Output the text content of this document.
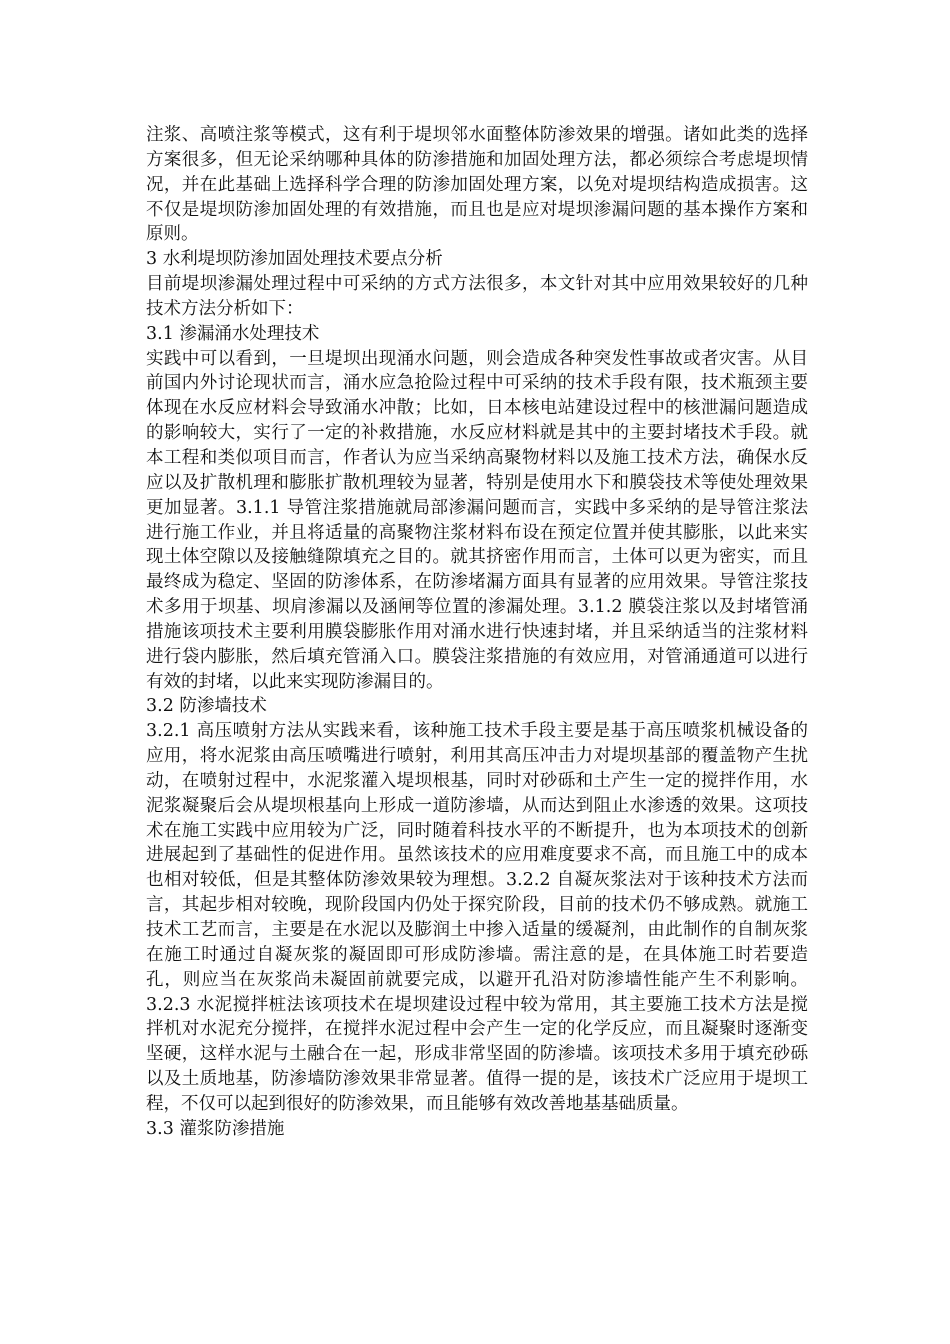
注浆、高喷注浆等模式，这有利于堤坝邻水面整体防渗效果的增强。诸如此类的选择方案很多，但无论采纳哪种具体的防渗措施和加固处理方法，都必须综合考虑堤坝情况，并在此基础上选择科学合理的防渗加固处理方案，以免对堤坝结构造成损害。这不仅是堤坝防渗加固处理的有效措施，而且也是应对堤坝渗漏问题的基本操作方案和原则。

3 水利堤坝防渗加固处理技术要点分析

目前堤坝渗漏处理过程中可采纳的方式方法很多，本文针对其中应用效果较好的几种技术方法分析如下：

3.1 渗漏涌水处理技术

实践中可以看到，一旦堤坝出现涌水问题，则会造成各种突发性事故或者灾害。从目前国内外讨论现状而言，涌水应急抢险过程中可采纳的技术手段有限，技术瓶颈主要体现在水反应材料会导致涌水冲散；比如，日本核电站建设过程中的核泄漏问题造成的影响较大，实行了一定的补救措施，水反应材料就是其中的主要封堵技术手段。就本工程和类似项目而言，作者认为应当采纳高聚物材料以及施工技术方法，确保水反应以及扩散机理和膨胀扩散机理较为显著，特别是使用水下和膜袋技术等使处理效果更加显著。3.1.1 导管注浆措施就局部渗漏问题而言，实践中多采纳的是导管注浆法进行施工作业，并且将适量的高聚物注浆材料布设在预定位置并使其膨胀，以此来实现土体空隙以及接触缝隙填充之目的。就其挤密作用而言，土体可以更为密实，而且最终成为稳定、坚固的防渗体系，在防渗堵漏方面具有显著的应用效果。导管注浆技术多用于坝基、坝肩渗漏以及涵闸等位置的渗漏处理。3.1.2 膜袋注浆以及封堵管涌措施该项技术主要利用膜袋膨胀作用对涌水进行快速封堵，并且采纳适当的注浆材料进行袋内膨胀，然后填充管涌入口。膜袋注浆措施的有效应用，对管涌通道可以进行有效的封堵，以此来实现防渗漏目的。

3.2 防渗墙技术

3.2.1 高压喷射方法从实践来看，该种施工技术手段主要是基于高压喷浆机械设备的应用，将水泥浆由高压喷嘴进行喷射，利用其高压冲击力对堤坝基部的覆盖物产生扰动，在喷射过程中，水泥浆灌入堤坝根基，同时对砂砾和土产生一定的搅拌作用，水泥浆凝聚后会从堤坝根基向上形成一道防渗墙，从而达到阻止水渗透的效果。这项技术在施工实践中应用较为广泛，同时随着科技水平的不断提升，也为本项技术的创新进展起到了基础性的促进作用。虽然该技术的应用难度要求不高，而且施工中的成本也相对较低，但是其整体防渗效果较为理想。3.2.2 自凝灰浆法对于该种技术方法而言，其起步相对较晚，现阶段国内仍处于探究阶段，目前的技术仍不够成熟。就施工技术工艺而言，主要是在水泥以及膨润土中掺入适量的缓凝剂，由此制作的自制灰浆在施工时通过自凝灰浆的凝固即可形成防渗墙。需注意的是，在具体施工时若要造孔，则应当在灰浆尚未凝固前就要完成，以避开孔沿对防渗墙性能产生不利影响。3.2.3 水泥搅拌桩法该项技术在堤坝建设过程中较为常用，其主要施工技术方法是搅拌机对水泥充分搅拌，在搅拌水泥过程中会产生一定的化学反应，而且凝聚时逐渐变坚硬，这样水泥与土融合在一起，形成非常坚固的防渗墙。该项技术多用于填充砂砾以及土质地基，防渗墙防渗效果非常显著。值得一提的是，该技术广泛应用于堤坝工程，不仅可以起到很好的防渗效果，而且能够有效改善地基基础质量。

3.3 灌浆防渗措施
